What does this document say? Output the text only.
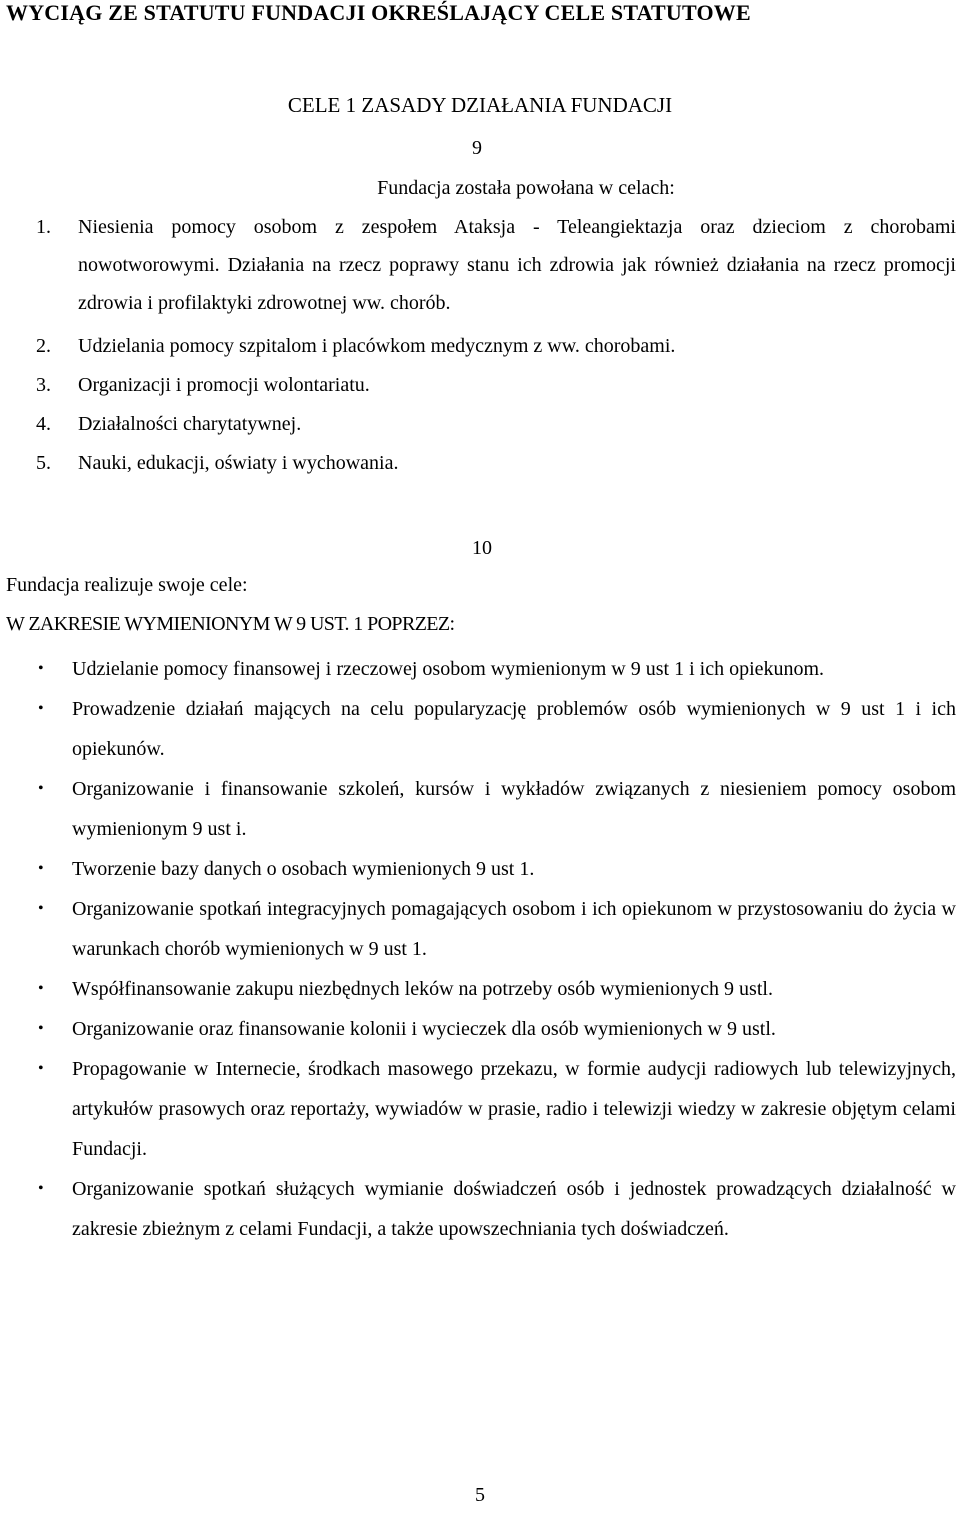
WYCIĄG ZE STATUTU FUNDACJI OKREŚLAJĄCY CELE STATUTOWE
CELE 1 ZASADY DZIAŁANIA FUNDACJI
9
Fundacja została powołana w celach:
1. Niesienia pomocy osobom z zespołem Ataksja - Teleangiektazja oraz dzieciom z chorobami nowotworowymi. Działania na rzecz poprawy stanu ich zdrowia jak również działania na rzecz promocji zdrowia i profilaktyki zdrowotnej ww. chorób.
2. Udzielania pomocy szpitalom i placówkom medycznym z ww. chorobami.
3. Organizacji i promocji wolontariatu.
4. Działalności charytatywnej.
5. Nauki, edukacji, oświaty i wychowania.
10
Fundacja realizuje swoje cele:
W ZAKRESIE WYMIENIONYM W 9 UST. 1 POPRZEZ:
• Udzielanie pomocy finansowej i rzeczowej osobom wymienionym w 9 ust 1 i ich opiekunom.
• Prowadzenie działań mających na celu popularyzację problemów osób wymienionych w 9 ust 1 i ich opiekunów.
• Organizowanie i finansowanie szkoleń, kursów i wykładów związanych z niesieniem pomocy osobom wymienionym 9 ust i.
• Tworzenie bazy danych o osobach wymienionych 9 ust 1.
• Organizowanie spotkań integracyjnych pomagających osobom i ich opiekunom w przystosowaniu do życia w warunkach chorób wymienionych w 9 ust 1.
• Współfinansowanie zakupu niezbędnych leków na potrzeby osób wymienionych 9 ustl.
• Organizowanie oraz finansowanie kolonii i wycieczek dla osób wymienionych w 9 ustl.
• Propagowanie w Internecie, środkach masowego przekazu, w formie audycji radiowych lub telewizyjnych, artykułów prasowych oraz reportaży, wywiadów w prasie, radio i telewizji wiedzy w zakresie objętym celami Fundacji.
• Organizowanie spotkań służących wymianie doświadczeń osób i jednostek prowadzących działalność w zakresie zbieżnym z celami Fundacji, a także upowszechniania tych doświadczeń.
5
